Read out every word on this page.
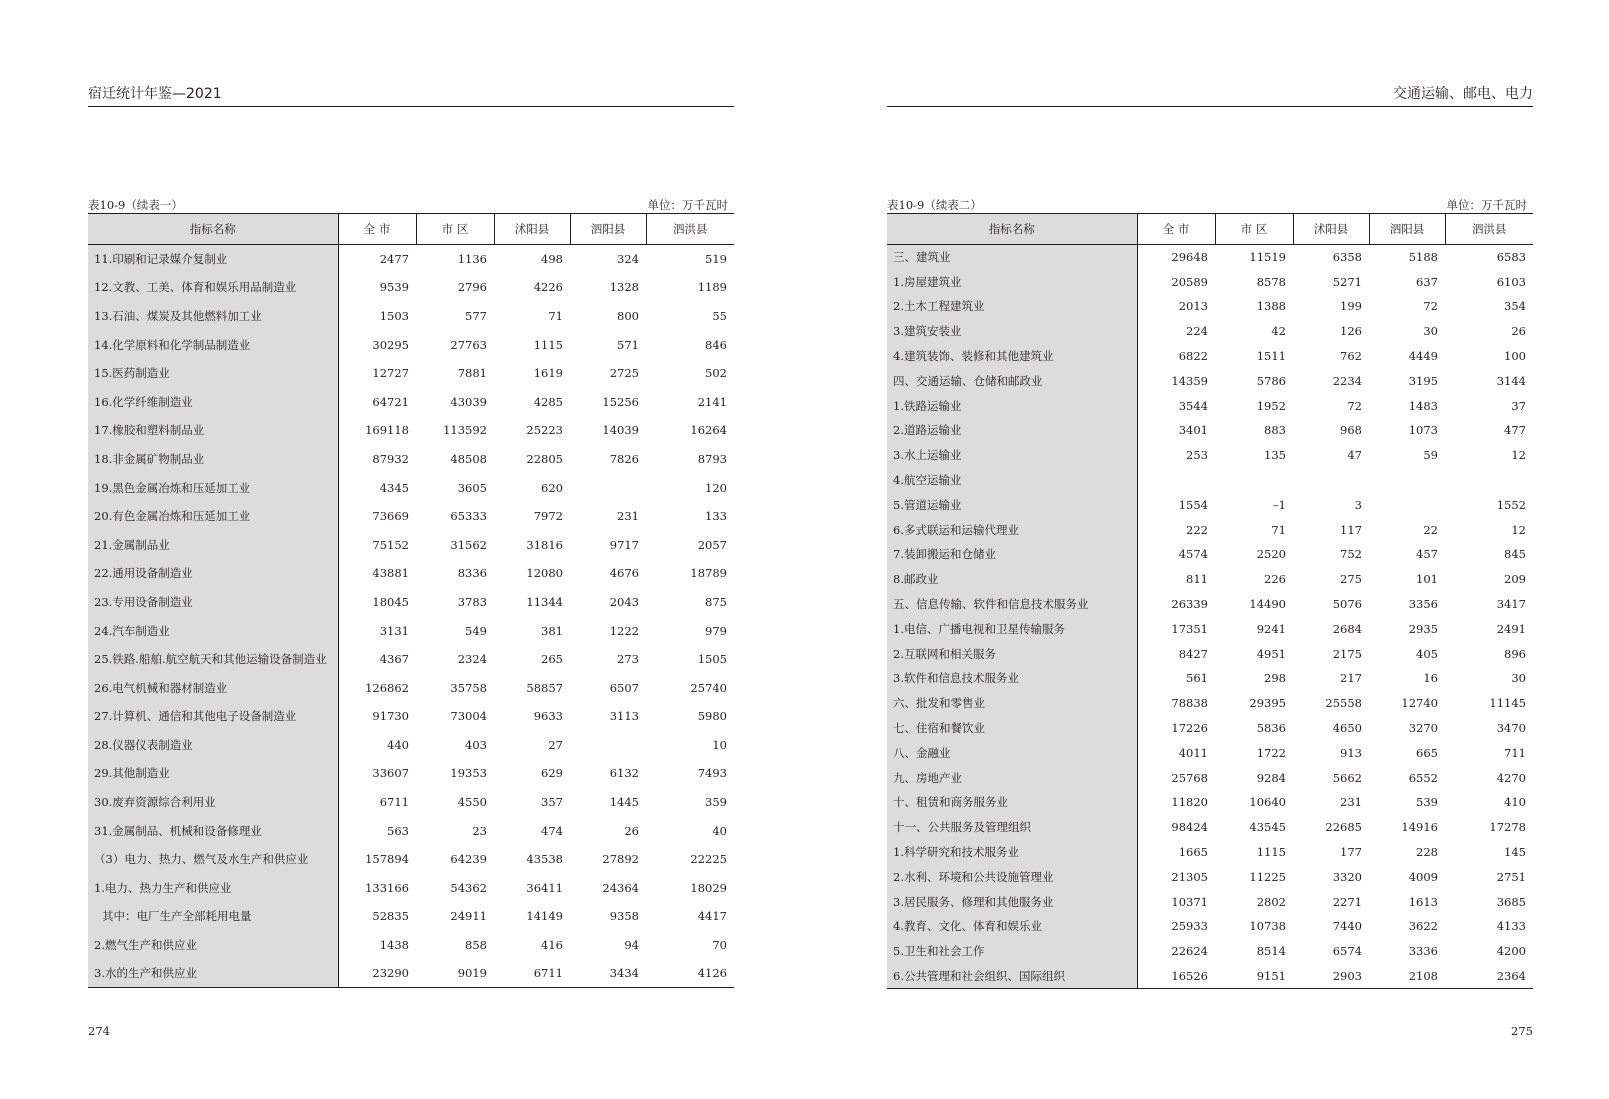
宿迁统计年鉴—2021
表10-9（续表一）	单位：万千瓦时
指标名称	全 市	市 区	沭阳县	泗阳县	泗洪县
11.印刷和记录媒介复制业	2477	1136	498	324	519
12.文教、工美、体育和娱乐用品制造业	9539	2796	4226	1328	1189
13.石油、煤炭及其他燃料加工业	1503	577	71	800	55
14.化学原料和化学制品制造业	30295	27763	1115	571	846
15.医药制造业	12727	7881	1619	2725	502
16.化学纤维制造业	64721	43039	4285	15256	2141
17.橡胶和塑料制品业	169118	113592	25223	14039	16264
18.非金属矿物制品业	87932	48508	22805	7826	8793
19.黑色金属冶炼和压延加工业	4345	3605	620		120
20.有色金属冶炼和压延加工业	73669	65333	7972	231	133
21.金属制品业	75152	31562	31816	9717	2057
22.通用设备制造业	43881	8336	12080	4676	18789
23.专用设备制造业	18045	3783	11344	2043	875
24.汽车制造业	3131	549	381	1222	979
25.铁路.船舶.航空航天和其他运输设备制造业	4367	2324	265	273	1505
26.电气机械和器材制造业	126862	35758	58857	6507	25740
27.计算机、通信和其他电子设备制造业	91730	73004	9633	3113	5980
28.仪器仪表制造业	440	403	27		10
29.其他制造业	33607	19353	629	6132	7493
30.废弃资源综合利用业	6711	4550	357	1445	359
31.金属制品、机械和设备修理业	563	23	474	26	40
（3）电力、热力、燃气及水生产和供应业	157894	64239	43538	27892	22225
1.电力、热力生产和供应业	133166	54362	36411	24364	18029
其中：电厂生产全部耗用电量	52835	24911	14149	9358	4417
2.燃气生产和供应业	1438	858	416	94	70
3.水的生产和供应业	23290	9019	6711	3434	4126
274
交通运输、邮电、电力
表10-9（续表二）	单位：万千瓦时
指标名称	全 市	市 区	沭阳县	泗阳县	泗洪县
三、建筑业	29648	11519	6358	5188	6583
1.房屋建筑业	20589	8578	5271	637	6103
2.土木工程建筑业	2013	1388	199	72	354
3.建筑安装业	224	42	126	30	26
4.建筑装饰、装修和其他建筑业	6822	1511	762	4449	100
四、交通运输、仓储和邮政业	14359	5786	2234	3195	3144
1.铁路运输业	3544	1952	72	1483	37
2.道路运输业	3401	883	968	1073	477
3.水上运输业	253	135	47	59	12
4.航空运输业					
5.管道运输业	1554	–1	3		1552
6.多式联运和运输代理业	222	71	117	22	12
7.装卸搬运和仓储业	4574	2520	752	457	845
8.邮政业	811	226	275	101	209
五、信息传输、软件和信息技术服务业	26339	14490	5076	3356	3417
1.电信、广播电视和卫星传输服务	17351	9241	2684	2935	2491
2.互联网和相关服务	8427	4951	2175	405	896
3.软件和信息技术服务业	561	298	217	16	30
六、批发和零售业	78838	29395	25558	12740	11145
七、住宿和餐饮业	17226	5836	4650	3270	3470
八、金融业	4011	1722	913	665	711
九、房地产业	25768	9284	5662	6552	4270
十、租赁和商务服务业	11820	10640	231	539	410
十一、公共服务及管理组织	98424	43545	22685	14916	17278
1.科学研究和技术服务业	1665	1115	177	228	145
2.水利、环境和公共设施管理业	21305	11225	3320	4009	2751
3.居民服务、修理和其他服务业	10371	2802	2271	1613	3685
4.教育、文化、体育和娱乐业	25933	10738	7440	3622	4133
5.卫生和社会工作	22624	8514	6574	3336	4200
6.公共管理和社会组织、国际组织	16526	9151	2903	2108	2364
275
